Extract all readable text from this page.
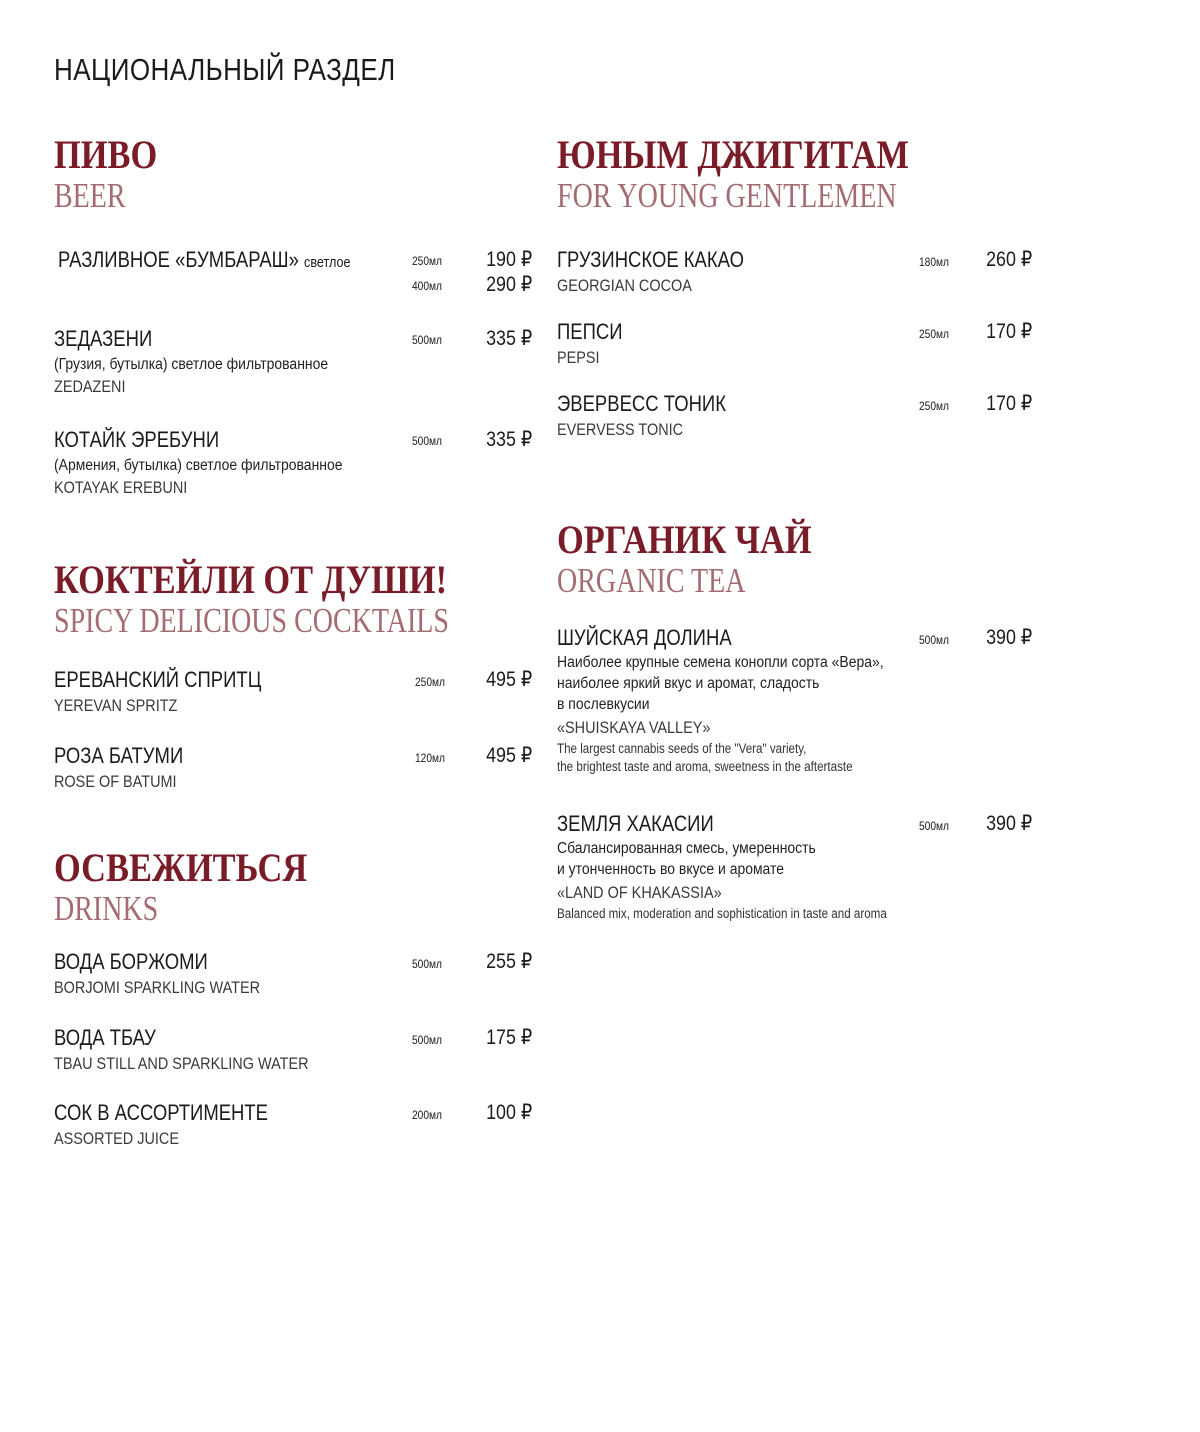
НАЦИОНАЛЬНЫЙ РАЗДЕЛ
ПИВО
BEER
РАЗЛИВНОЕ «БУМБАРАШ» светлое	250мл 190 ₽
400мл 290 ₽
ЗЕДАЗЕНИ
(Грузия, бутылка) светлое фильтрованное
ZEDAZENI
500мл 335 ₽
КОТАЙК ЭРЕБУНИ
(Армения, бутылка) светлое фильтрованное
KOTAYAK EREBUNI
500мл 335 ₽
КОКТЕЙЛИ ОТ ДУШИ!
SPICY DELICIOUS COCKTAILS
ЕРЕВАНСКИЙ СПРИТЦ
YEREVAN SPRITZ
250мл 495 ₽
РОЗА БАТУМИ
ROSE OF BATUMI
120мл 495 ₽
ОСВЕЖИТЬСЯ
DRINKS
ВОДА БОРЖОМИ
BORJOMI SPARKLING WATER
500мл 255 ₽
ВОДА ТБАУ
TBAU STILL AND SPARKLING WATER
500мл 175 ₽
СОК В АССОРТИМЕНТЕ
ASSORTED JUICE
200мл 100 ₽
ЮНЫМ ДЖИГИТАМ
FOR YOUNG GENTLEMEN
ГРУЗИНСКОЕ КАКАО
GEORGIAN COCOA
180мл 260 ₽
ПЕПСИ
PEPSI
250мл 170 ₽
ЭВЕРВЕСС ТОНИК
EVERVESS TONIC
250мл 170 ₽
ОРГАНИК ЧАЙ
ORGANIC TEA
ШУЙСКАЯ ДОЛИНА
Наиболее крупные семена конопли сорта «Вера»,
наиболее яркий вкус и аромат, сладость
в послевкусии
«SHUISKAYA VALLEY»
The largest cannabis seeds of the "Vera" variety,
the brightest taste and aroma, sweetness in the aftertaste
500мл 390 ₽
ЗЕМЛЯ ХАКАСИИ
Сбалансированная смесь, умеренность
и утонченность во вкусе и аромате
«LAND OF KHAKASSIA»
Balanced mix, moderation and sophistication in taste and aroma
500мл 390 ₽
